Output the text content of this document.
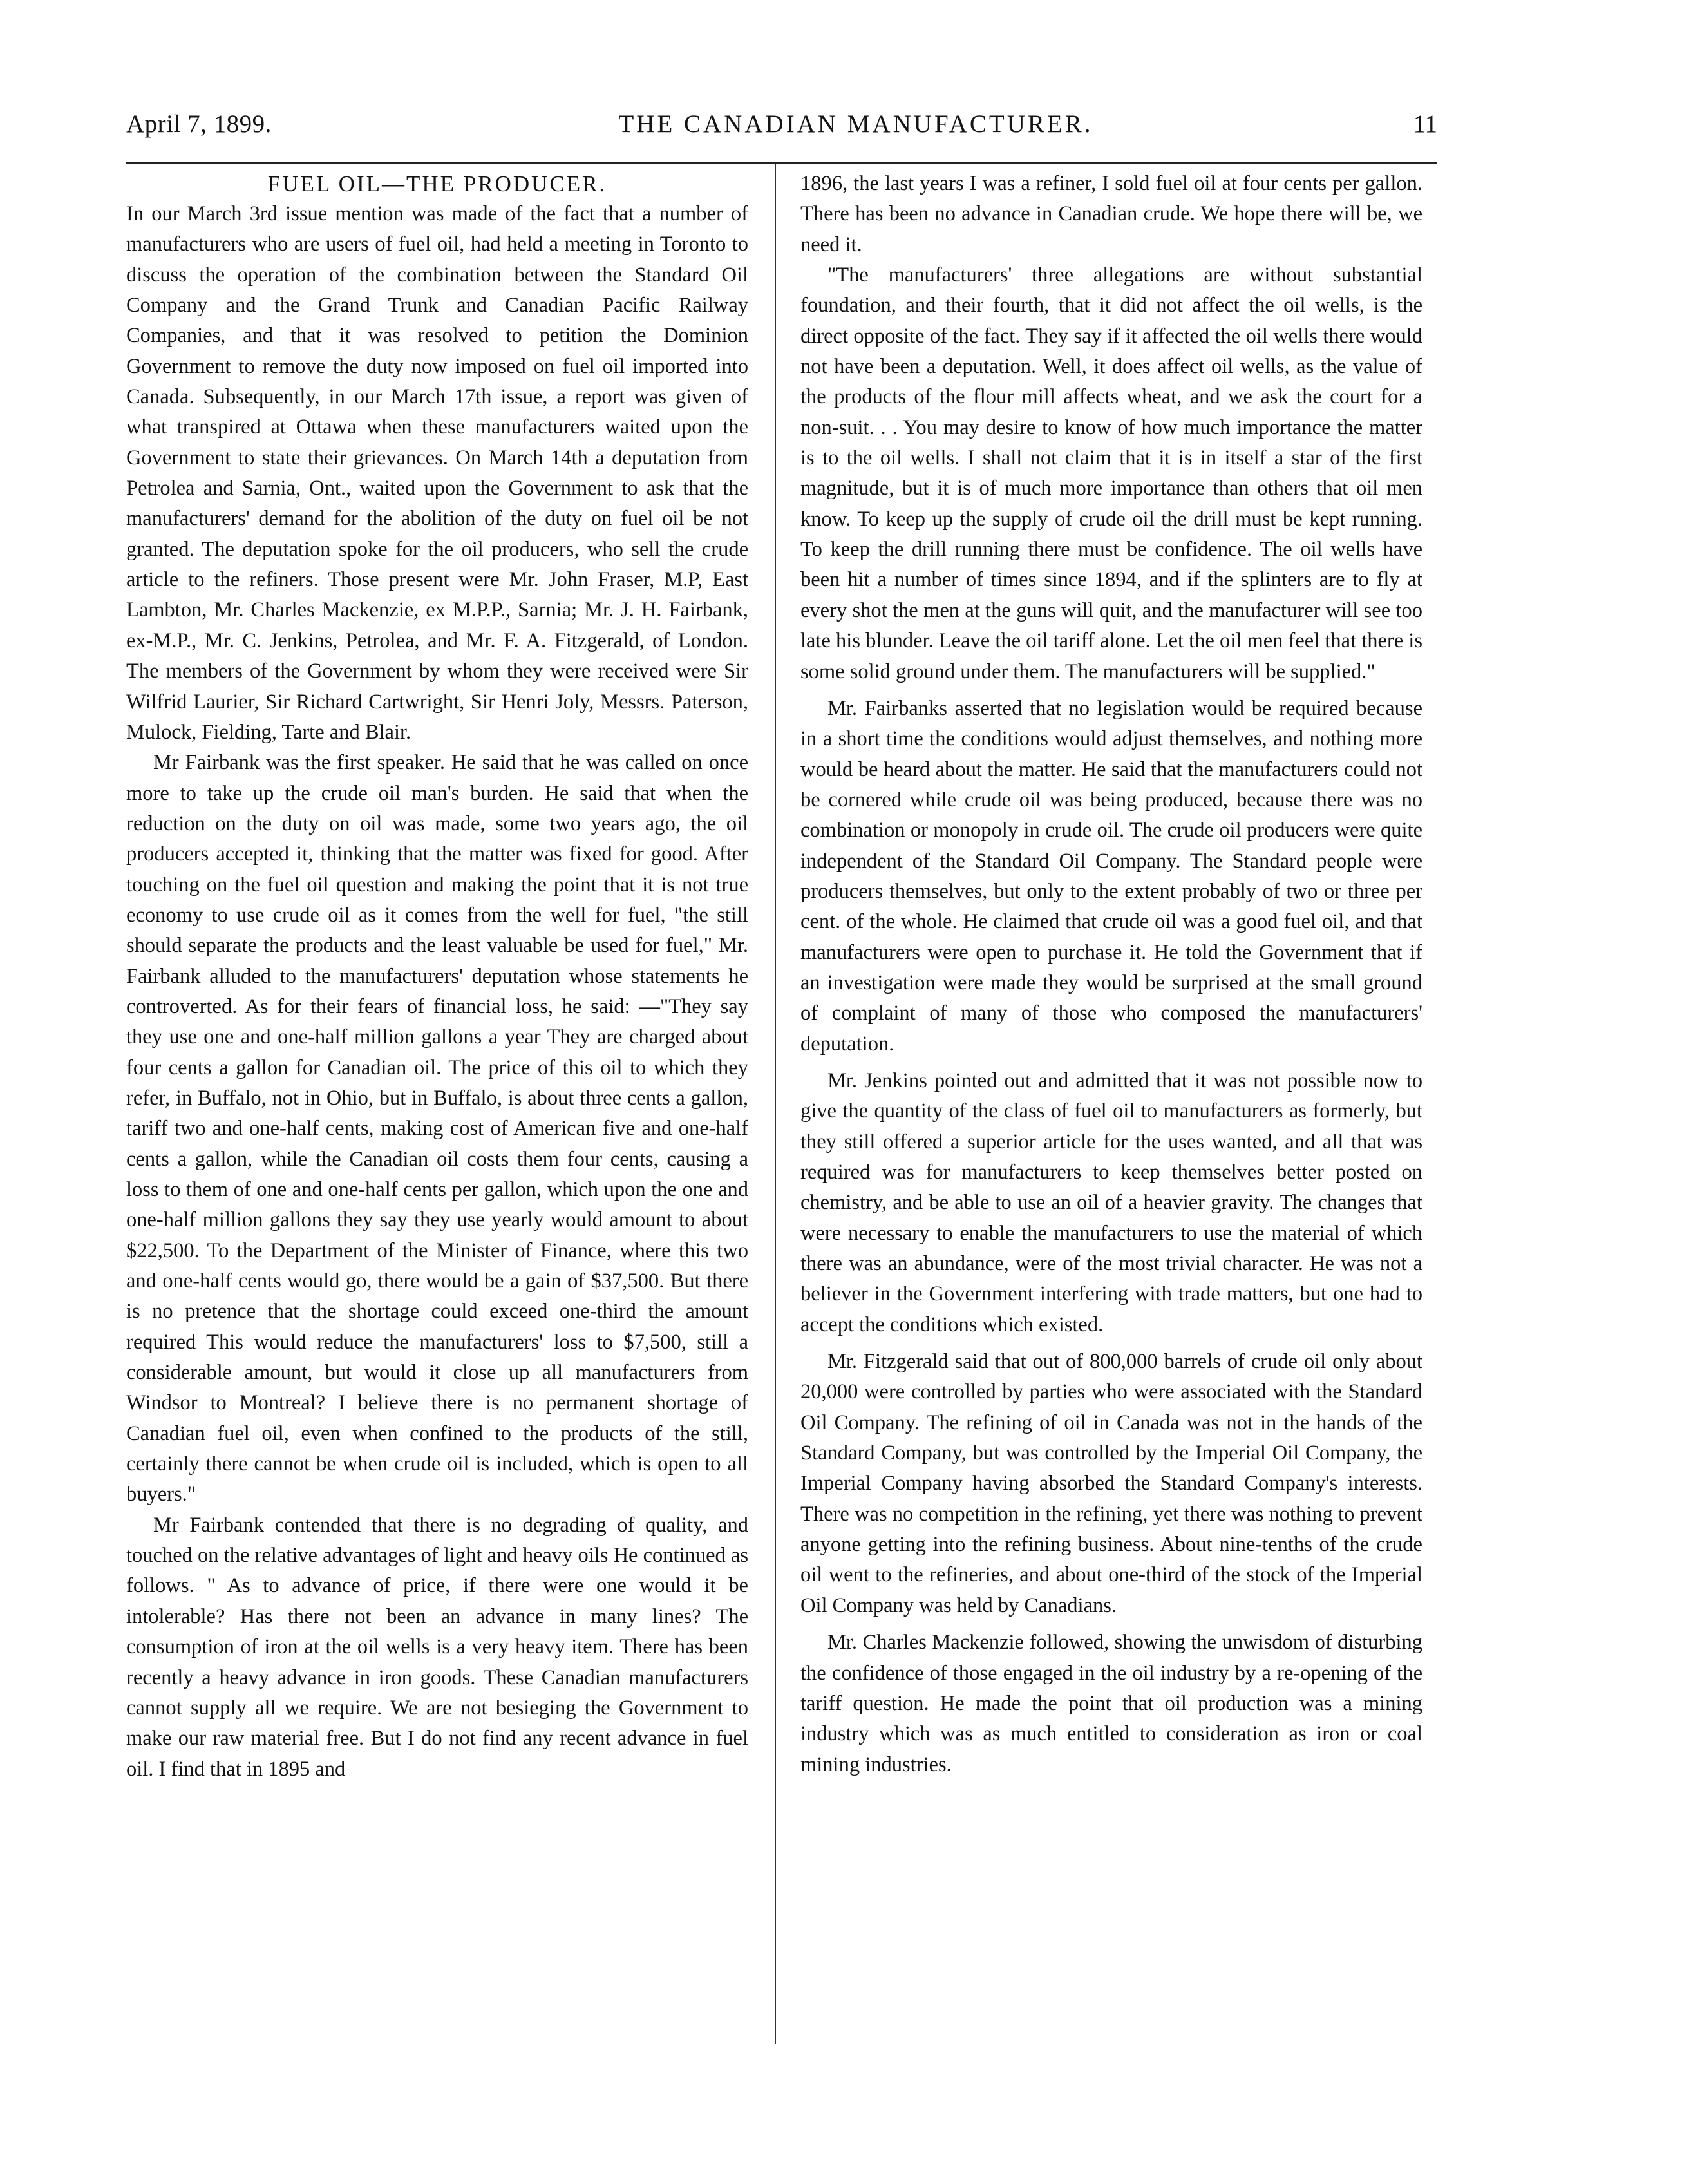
April 7, 1899.	THE CANADIAN MANUFACTURER.	11
FUEL OIL—THE PRODUCER.

In our March 3rd issue mention was made of the fact that a number of manufacturers who are users of fuel oil, had held a meeting in Toronto to discuss the operation of the combination between the Standard Oil Company and the Grand Trunk and Canadian Pacific Railway Companies, and that it was resolved to petition the Dominion Government to remove the duty now imposed on fuel oil imported into Canada. Subsequently, in our March 17th issue, a report was given of what transpired at Ottawa when these manufacturers waited upon the Government to state their grievances. On March 14th a deputation from Petrolea and Sarnia, Ont., waited upon the Government to ask that the manufacturers' demand for the abolition of the duty on fuel oil be not granted. The deputation spoke for the oil producers, who sell the crude article to the refiners. Those present were Mr. John Fraser, M.P, East Lambton, Mr. Charles Mackenzie, ex M.P.P., Sarnia; Mr. J. H. Fairbank, ex-M.P., Mr. C. Jenkins, Petrolea, and Mr. F. A. Fitzgerald, of London. The members of the Government by whom they were received were Sir Wilfrid Laurier, Sir Richard Cartwright, Sir Henri Joly, Messrs. Paterson, Mulock, Fielding, Tarte and Blair.

Mr Fairbank was the first speaker. He said that he was called on once more to take up the crude oil man's burden. He said that when the reduction on the duty on oil was made, some two years ago, the oil producers accepted it, thinking that the matter was fixed for good. After touching on the fuel oil question and making the point that it is not true economy to use crude oil as it comes from the well for fuel, "the still should separate the products and the least valuable be used for fuel," Mr. Fairbank alluded to the manufacturers' deputation whose statements he controverted. As for their fears of financial loss, he said: —"They say they use one and one-half million gallons a year They are charged about four cents a gallon for Canadian oil. The price of this oil to which they refer, in Buffalo, not in Ohio, but in Buffalo, is about three cents a gallon, tariff two and one-half cents, making cost of American five and one-half cents a gallon, while the Canadian oil costs them four cents, causing a loss to them of one and one-half cents per gallon, which upon the one and one-half million gallons they say they use yearly would amount to about $22,500. To the Department of the Minister of Finance, where this two and one-half cents would go, there would be a gain of $37,500. But there is no pretence that the shortage could exceed one-third the amount required This would reduce the manufacturers' loss to $7,500, still a considerable amount, but would it close up all manufacturers from Windsor to Montreal? I believe there is no permanent shortage of Canadian fuel oil, even when confined to the products of the still, certainly there cannot be when crude oil is included, which is open to all buyers."

Mr Fairbank contended that there is no degrading of quality, and touched on the relative advantages of light and heavy oils He continued as follows. " As to advance of price, if there were one would it be intolerable? Has there not been an advance in many lines? The consumption of iron at the oil wells is a very heavy item. There has been recently a heavy advance in iron goods. These Canadian manufacturers cannot supply all we require. We are not besieging the Government to make our raw material free. But I do not find any recent advance in fuel oil. I find that in 1895 and

1896, the last years I was a refiner, I sold fuel oil at four cents per gallon. There has been no advance in Canadian crude. We hope there will be, we need it.

"The manufacturers' three allegations are without substantial foundation, and their fourth, that it did not affect the oil wells, is the direct opposite of the fact. They say if it affected the oil wells there would not have been a deputation. Well, it does affect oil wells, as the value of the products of the flour mill affects wheat, and we ask the court for a non-suit. . . You may desire to know of how much importance the matter is to the oil wells. I shall not claim that it is in itself a star of the first magnitude, but it is of much more importance than others that oil men know. To keep up the supply of crude oil the drill must be kept running. To keep the drill running there must be confidence. The oil wells have been hit a number of times since 1894, and if the splinters are to fly at every shot the men at the guns will quit, and the manufacturer will see too late his blunder. Leave the oil tariff alone. Let the oil men feel that there is some solid ground under them. The manufacturers will be supplied."

Mr. Fairbanks asserted that no legislation would be required because in a short time the conditions would adjust themselves, and nothing more would be heard about the matter. He said that the manufacturers could not be cornered while crude oil was being produced, because there was no combination or monopoly in crude oil. The crude oil producers were quite independent of the Standard Oil Company. The Standard people were producers themselves, but only to the extent probably of two or three per cent. of the whole. He claimed that crude oil was a good fuel oil, and that manufacturers were open to purchase it. He told the Government that if an investigation were made they would be surprised at the small ground of complaint of many of those who composed the manufacturers' deputation.

Mr. Jenkins pointed out and admitted that it was not possible now to give the quantity of the class of fuel oil to manufacturers as formerly, but they still offered a superior article for the uses wanted, and all that was required was for manufacturers to keep themselves better posted on chemistry, and be able to use an oil of a heavier gravity. The changes that were necessary to enable the manufacturers to use the material of which there was an abundance, were of the most trivial character. He was not a believer in the Government interfering with trade matters, but one had to accept the conditions which existed.

Mr. Fitzgerald said that out of 800,000 barrels of crude oil only about 20,000 were controlled by parties who were associated with the Standard Oil Company. The refining of oil in Canada was not in the hands of the Standard Company, but was controlled by the Imperial Oil Company, the Imperial Company having absorbed the Standard Company's interests. There was no competition in the refining, yet there was nothing to prevent anyone getting into the refining business. About nine-tenths of the crude oil went to the refineries, and about one-third of the stock of the Imperial Oil Company was held by Canadians.

Mr. Charles Mackenzie followed, showing the unwisdom of disturbing the confidence of those engaged in the oil industry by a re-opening of the tariff question. He made the point that oil production was a mining industry which was as much entitled to consideration as iron or coal mining industries.
